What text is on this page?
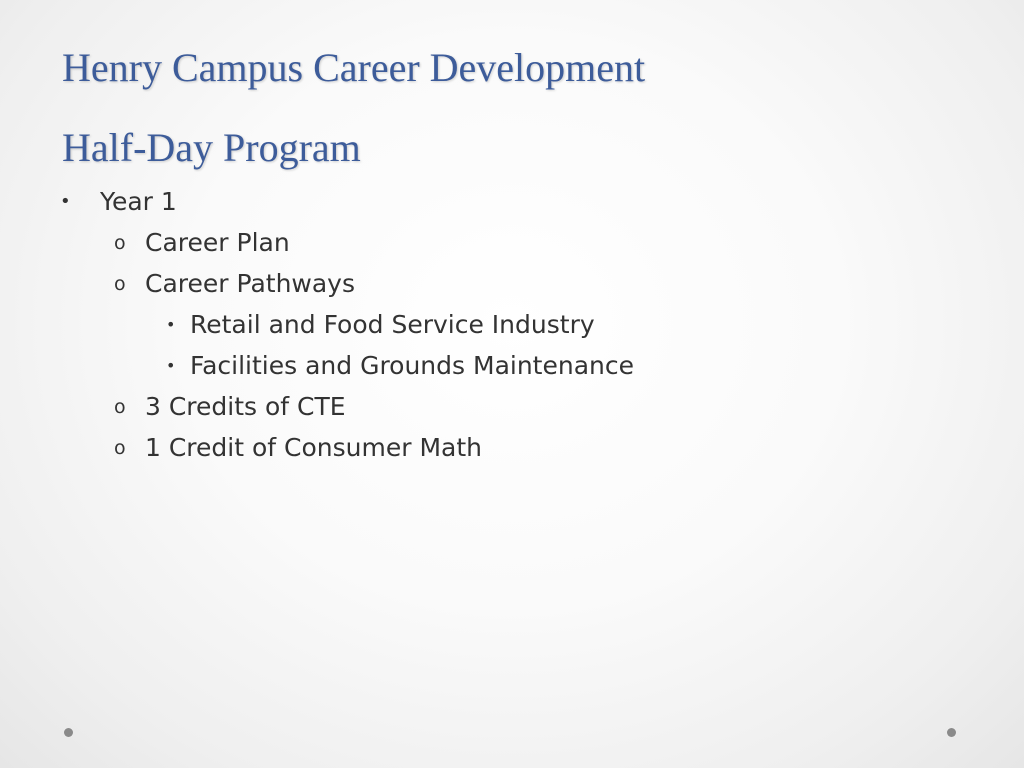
Henry Campus Career Development
Half-Day Program
• Year 1
o Career Plan
o Career Pathways
• Retail and Food Service Industry
• Facilities and Grounds Maintenance
o 3 Credits of CTE
o 1 Credit of Consumer Math
